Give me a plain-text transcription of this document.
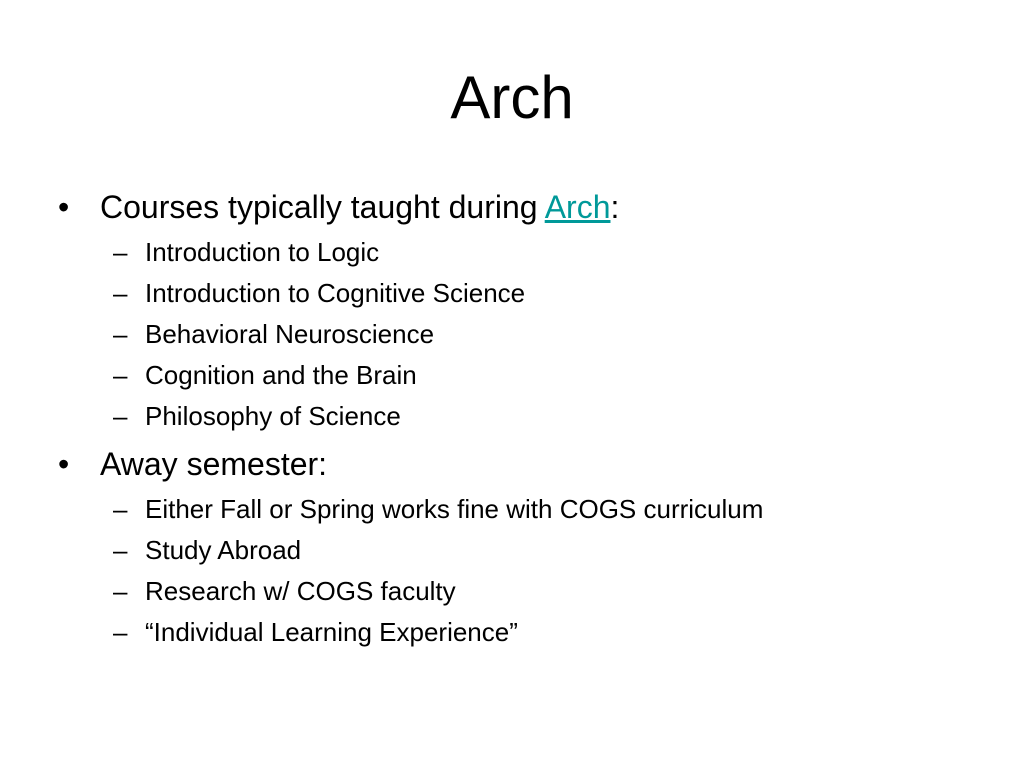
Arch
• Courses typically taught during Arch:
– Introduction to Logic
– Introduction to Cognitive Science
– Behavioral Neuroscience
– Cognition and the Brain
– Philosophy of Science
• Away semester:
– Either Fall or Spring works fine with COGS curriculum
– Study Abroad
– Research w/ COGS faculty
– “Individual Learning Experience”
